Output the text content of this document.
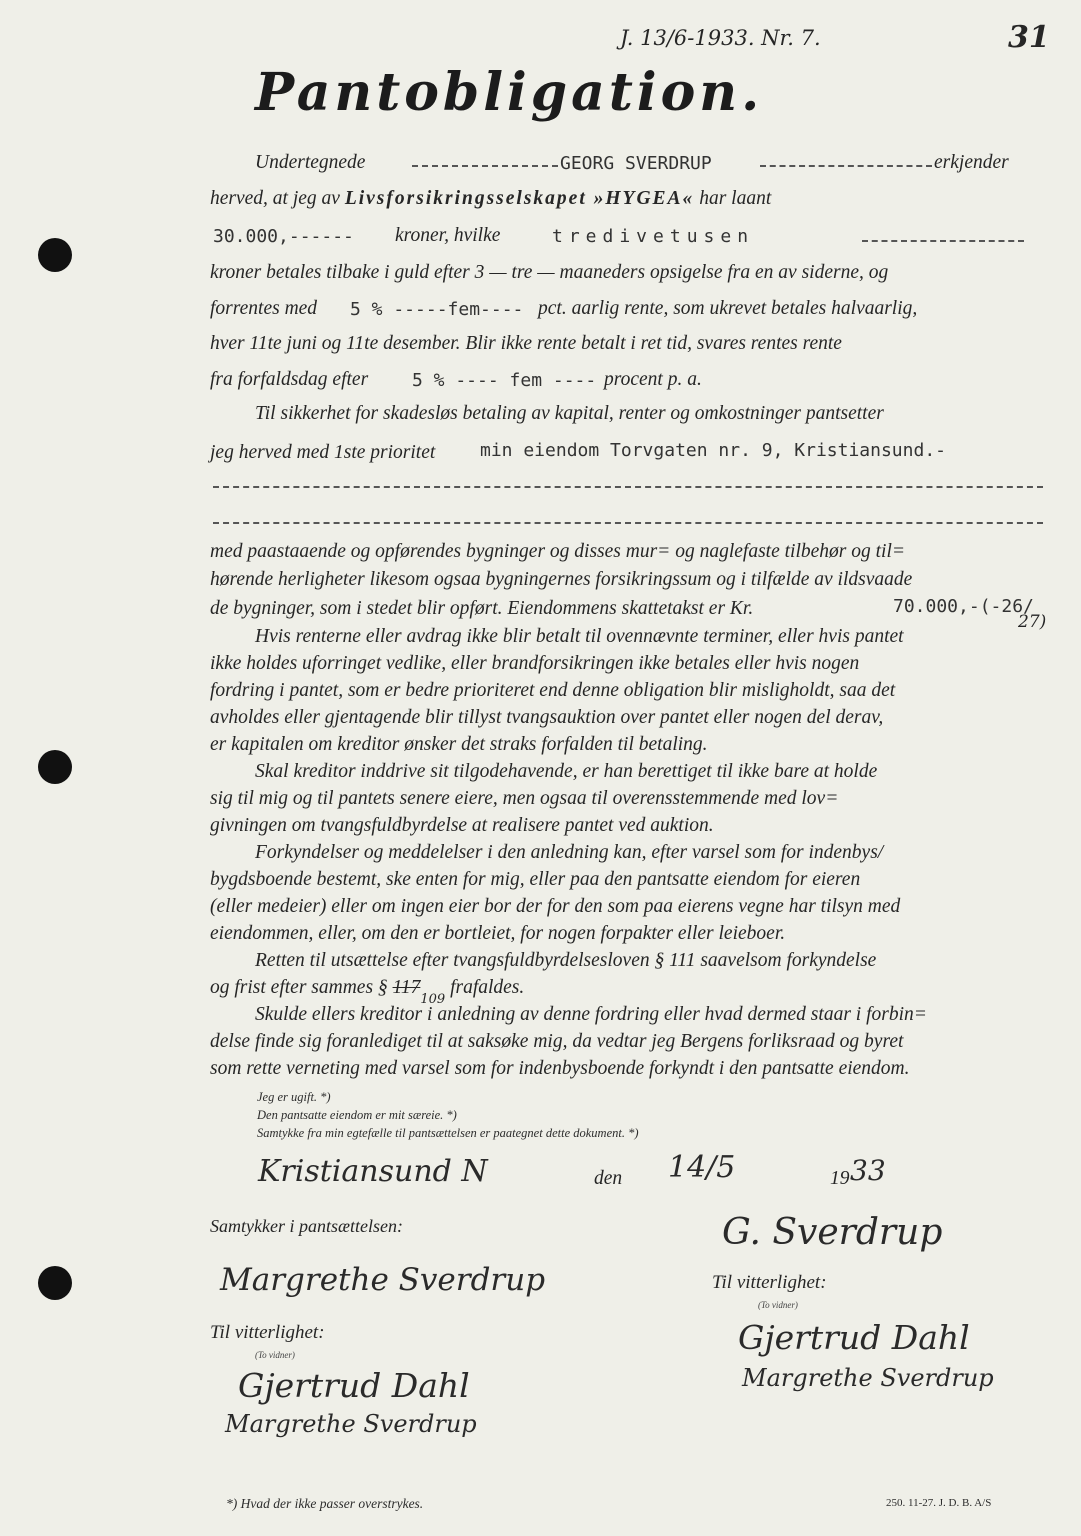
J. 13/6-1933. Nr. 7.	31
Pantobligation.
Undertegnede	GEORG SVERDRUP	erkjender
herved, at jeg av Livsforsikringsselskapet »HYGEA« har laant
30.000,------ kroner, hvilke	tredivetusen
kroner betales tilbake i guld efter 3 — tre — maaneders opsigelse fra en av siderne, og
forrentes med 5 % -----fem---- pct. aarlig rente, som ukrevet betales halvaarlig,
hver 11te juni og 11te desember. Blir ikke rente betalt i ret tid, svares rentes rente
fra forfaldsdag efter 5 % ---- fem ---- procent p. a.
Til sikkerhet for skadesløs betaling av kapital, renter og omkostninger pantsetter
jeg herved med 1ste prioritet min eiendom Torvgaten nr. 9, Kristiansund.-
med paastaaende og opførendes bygninger og disses mur= og naglefaste tilbehør og til=
hørende herligheter likesom ogsaa bygningernes forsikringssum og i tilfælde av ildsvaade
de bygninger, som i stedet blir opført. Eiendommens skattetakst er Kr.	70.000,-(-26/
27)
Hvis renterne eller avdrag ikke blir betalt til ovennævnte terminer, eller hvis pantet
ikke holdes uforringet vedlike, eller brandforsikringen ikke betales eller hvis nogen
fordring i pantet, som er bedre prioriteret end denne obligation blir misligholdt, saa det
avholdes eller gjentagende blir tillyst tvangsauktion over pantet eller nogen del derav,
er kapitalen om kreditor ønsker det straks forfalden til betaling.
Skal kreditor inddrive sit tilgodehavende, er han berettiget til ikke bare at holde
sig til mig og til pantets senere eiere, men ogsaa til overensstemmende med lov=
givningen om tvangsfuldbyrdelse at realisere pantet ved auktion.
Forkyndelser og meddelelser i den anledning kan, efter varsel som for indenbys/
bygdsboende bestemt, ske enten for mig, eller paa den pantsatte eiendom for eieren
(eller medeier) eller om ingen eier bor der for den som paa eierens vegne har tilsyn med
eiendommen, eller, om den er bortleiet, for nogen forpakter eller leieboer.
Retten til utsættelse efter tvangsfuldbyrdelsesloven § 111 saavelsom forkyndelse
og frist efter sammes § $117_{109}$ frafaldes.
Skulde ellers kreditor i anledning av denne fordring eller hvad dermed staar i forbin=
delse finde sig foranlediget til at saksøke mig, da vedtar jeg Bergens forliksraad og byret
som rette verneting med varsel som for indenbysboende forkyndt i den pantsatte eiendom.
Jeg er ugift. *)
Den pantsatte eiendom er mit særeie. *)
Samtykke fra min egtefælle til pantsættelsen er paategnet dette dokument. *)
Kristiansund N	den 14/5	19 33
Samtykker i pantsættelsen:	G. Sverdrup
Margrethe Sverdrup	Til vitterlighet:
(To vidner)
Til vitterlighet:	Gjertrud Dahl
(To vidner)
Margrethe Sverdrup
Gjertrud Dahl
Margrethe Sverdrup
*) Hvad der ikke passer overstrykes.	250. 11-27. J. D. B. A/S
